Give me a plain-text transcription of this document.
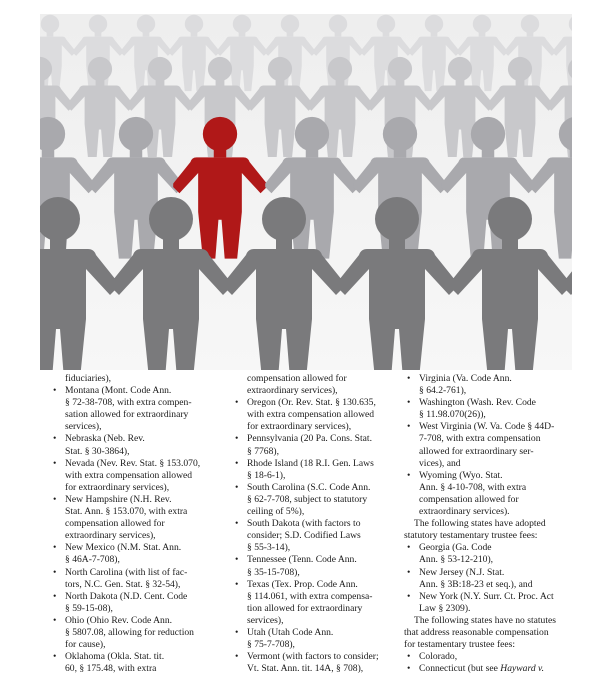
fiduciaries),
• Montana (Mont. Code Ann.
§ 72-38-708, with extra compen-
sation allowed for extraordinary
services),
• Nebraska (Neb. Rev.
Stat. § 30-3864),
• Nevada (Nev. Rev. Stat. § 153.070,
with extra compensation allowed
for extraordinary services),
• New Hampshire (N.H. Rev.
Stat. Ann. § 153.070, with extra
compensation allowed for
extraordinary services),
• New Mexico (N.M. Stat. Ann.
§ 46A-7-708),
• North Carolina (with list of fac-
tors, N.C. Gen. Stat. § 32-54),
• North Dakota (N.D. Cent. Code
§ 59-15-08),
• Ohio (Ohio Rev. Code Ann.
§ 5807.08, allowing for reduction
for cause),
• Oklahoma (Okla. Stat. tit.
60, § 175.48, with extra
compensation allowed for
extraordinary services),
• Oregon (Or. Rev. Stat. § 130.635,
with extra compensation allowed
for extraordinary services),
• Pennsylvania (20 Pa. Cons. Stat.
§ 7768),
• Rhode Island (18 R.I. Gen. Laws
§ 18-6-1),
• South Carolina (S.C. Code Ann.
§ 62-7-708, subject to statutory
ceiling of 5%),
• South Dakota (with factors to
consider; S.D. Codified Laws
§ 55-3-14),
• Tennessee (Tenn. Code Ann.
§ 35-15-708),
• Texas (Tex. Prop. Code Ann.
§ 114.061, with extra compensa-
tion allowed for extraordinary
services),
• Utah (Utah Code Ann.
§ 75-7-708),
• Vermont (with factors to consider;
Vt. Stat. Ann. tit. 14A, § 708),
• Virginia (Va. Code Ann.
§ 64.2-761),
• Washington (Wash. Rev. Code
§ 11.98.070(26)),
• West Virginia (W. Va. Code § 44D-
7-708, with extra compensation
allowed for extraordinary ser-
vices), and
• Wyoming (Wyo. Stat.
Ann. § 4-10-708, with extra
compensation allowed for
extraordinary services).
The following states have adopted
statutory testamentary trustee fees:
• Georgia (Ga. Code
Ann. § 53-12-210),
• New Jersey (N.J. Stat.
Ann. § 3B:18-23 et seq.), and
• New York (N.Y. Surr. Ct. Proc. Act
Law § 2309).
The following states have no statutes
that address reasonable compensation
for testamentary trustee fees:
• Colorado,
• Connecticut (but see Hayward v.
